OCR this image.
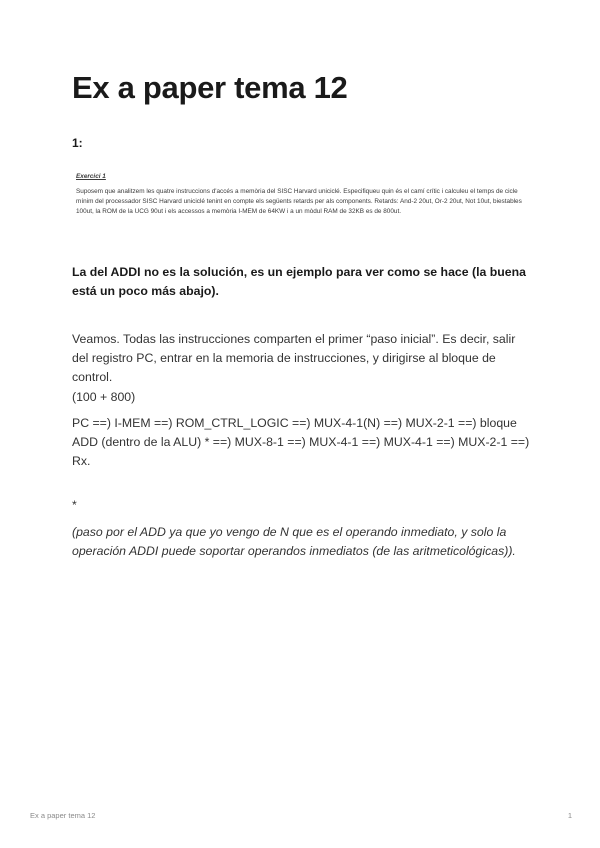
Ex a paper tema 12
1:
Exercici 1

Suposem que analitzem les quatre instruccions d'accés a memòria del SISC Harvard uniciclé. Especifiqueu quin és el camí crític i calculeu el temps de cicle mínim del processador SISC Harvard uniciclé tenint en compte els següents retards per als components. Retards: And-2 20ut, Or-2 20ut, Not 10ut, biestables 100ut, la ROM de la UCG 90ut i els accessos a memòria I-MEM de 64KW i a un mòdul RAM de 32KB es de 800ut.

La del ADDI no es la solución, es un ejemplo para ver como se hace (la buena está un poco más abajo).
Veamos. Todas las instrucciones comparten el primer “paso inicial”. Es decir, salir del registro PC, entrar en la memoria de instrucciones, y dirigirse al bloque de control.
(100 + 800)
PC ==) I-MEM ==) ROM_CTRL_LOGIC ==) MUX-4-1(N) ==) MUX-2-1 ==) bloque ADD (dentro de la ALU) * ==) MUX-8-1 ==) MUX-4-1 ==) MUX-4-1 ==) MUX-2-1 ==) Rx.
*
(paso por el ADD ya que yo vengo de N que es el operando inmediato, y solo la operación ADDI puede soportar operandos inmediatos (de las aritmeticológicas)).
Ex a paper tema 12	1
